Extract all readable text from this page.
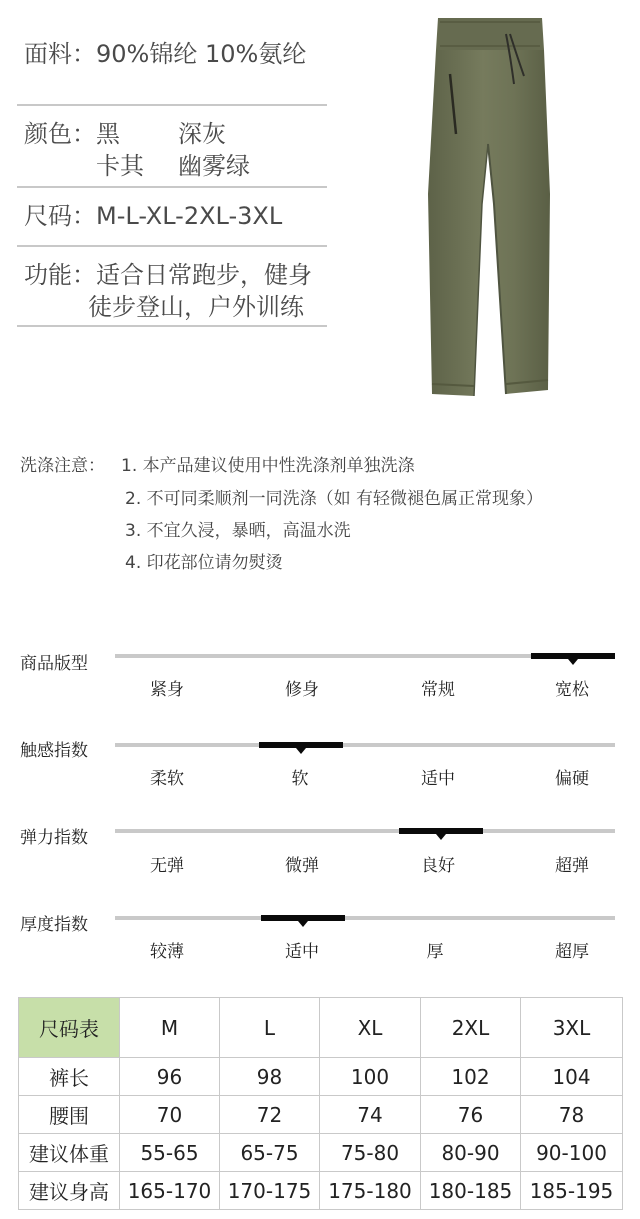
面料：90%锦纶 10%氨纶
颜色： 黑 深灰
卡其 幽雾绿
尺码：M-L-XL-2XL-3XL
功能：适合日常跑步，健身
徒步登山，户外训练
洗涤注意： 1. 本产品建议使用中性洗涤剂单独洗涤
2. 不可同柔顺剂一同洗涤（如 有轻微褪色属正常现象）
3. 不宜久浸，暴晒，高温水洗
4. 印花部位请勿熨烫
商品版型
紧身	修身	常规	宽松
触感指数
柔软	软	适中	偏硬
弹力指数
无弹	微弹	良好	超弹
厚度指数
较薄	适中	厚	超厚
尺码表	M	L	XL	2XL	3XL
裤长	96	98	100	102	104
腰围	70	72	74	76	78
建议体重	55-65	65-75	75-80	80-90	90-100
建议身高	165-170	170-175	175-180	180-185	185-195
